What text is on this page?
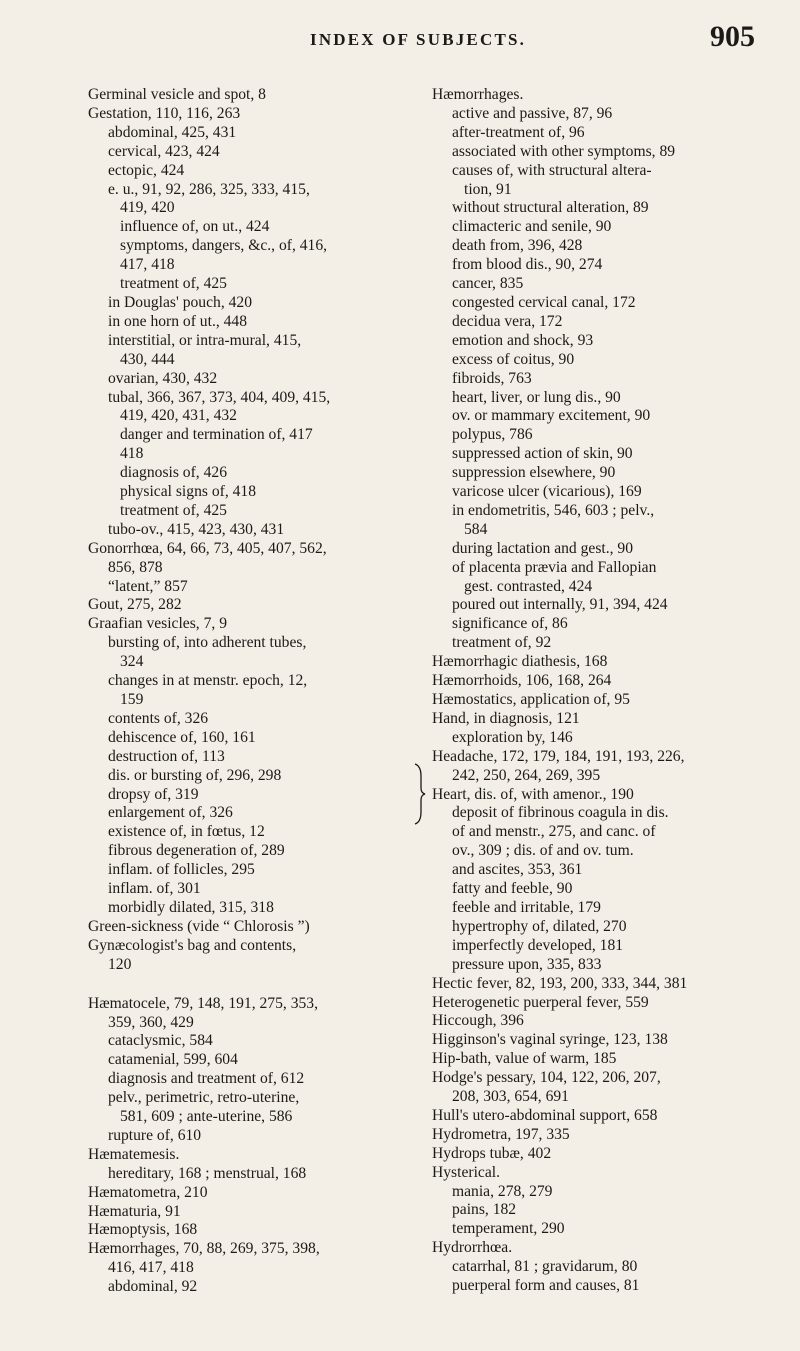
INDEX OF SUBJECTS.	905
Germinal vesicle and spot, 8
Gestation, 110, 116, 263
abdominal, 425, 431
cervical, 423, 424
ectopic, 424
e. u., 91, 92, 286, 325, 333, 415,
419, 420
influence of, on ut., 424
symptoms, dangers, &c., of, 416,
417, 418
treatment of, 425
in Douglas' pouch, 420
in one horn of ut., 448
interstitial, or intra-mural, 415,
430, 444
ovarian, 430, 432
tubal, 366, 367, 373, 404, 409, 415,
419, 420, 431, 432
danger and termination of, 417
418
diagnosis of, 426
physical signs of, 418
treatment of, 425
tubo-ov., 415, 423, 430, 431
Gonorrhœa, 64, 66, 73, 405, 407, 562,
856, 878
“latent,” 857
Gout, 275, 282
Graafian vesicles, 7, 9
bursting of, into adherent tubes,
324
changes in at menstr. epoch, 12,
159
contents of, 326
dehiscence of, 160, 161
destruction of, 113
dis. or bursting of, 296, 298
dropsy of, 319
enlargement of, 326
existence of, in fœtus, 12
fibrous degeneration of, 289
inflam. of follicles, 295
inflam. of, 301
morbidly dilated, 315, 318
Green-sickness (vide “ Chlorosis ”)
Gynæcologist's bag and contents,
120
Hæmatocele, 79, 148, 191, 275, 353,
359, 360, 429
cataclysmic, 584
catamenial, 599, 604
diagnosis and treatment of, 612
pelv., perimetric, retro-uterine,
581, 609 ; ante-uterine, 586
rupture of, 610
Hæmatemesis.
hereditary, 168 ; menstrual, 168
Hæmatometra, 210
Hæmaturia, 91
Hæmoptysis, 168
Hæmorrhages, 70, 88, 269, 375, 398,
416, 417, 418
abdominal, 92
Hæmorrhages.
active and passive, 87, 96
after-treatment of, 96
associated with other symptoms, 89
causes of, with structural altera-
tion, 91
without structural alteration, 89
climacteric and senile, 90
death from, 396, 428
from blood dis., 90, 274
cancer, 835
congested cervical canal, 172
decidua vera, 172
emotion and shock, 93
excess of coitus, 90
fibroids, 763
heart, liver, or lung dis., 90
ov. or mammary excitement, 90
polypus, 786
suppressed action of skin, 90
suppression elsewhere, 90
varicose ulcer (vicarious), 169
in endometritis, 546, 603 ; pelv.,
584
during lactation and gest., 90
of placenta prævia and Fallopian
gest. contrasted, 424
poured out internally, 91, 394, 424
significance of, 86
treatment of, 92
Hæmorrhagic diathesis, 168
Hæmorrhoids, 106, 168, 264
Hæmostatics, application of, 95
Hand, in diagnosis, 121
exploration by, 146
Headache, 172, 179, 184, 191, 193, 226,
242, 250, 264, 269, 395
Heart, dis. of, with amenor., 190
deposit of fibrinous coagula in dis.
of and menstr., 275, and canc. of
ov., 309 ; dis. of and ov. tum.
and ascites, 353, 361
fatty and feeble, 90
feeble and irritable, 179
hypertrophy of, dilated, 270
imperfectly developed, 181
pressure upon, 335, 833
Hectic fever, 82, 193, 200, 333, 344, 381
Heterogenetic puerperal fever, 559
Hiccough, 396
Higginson's vaginal syringe, 123, 138
Hip-bath, value of warm, 185
Hodge's pessary, 104, 122, 206, 207,
208, 303, 654, 691
Hull's utero-abdominal support, 658
Hydrometra, 197, 335
Hydrops tubæ, 402
Hysterical.
mania, 278, 279
pains, 182
temperament, 290
Hydrorrhœa.
catarrhal, 81 ; gravidarum, 80
puerperal form and causes, 81
